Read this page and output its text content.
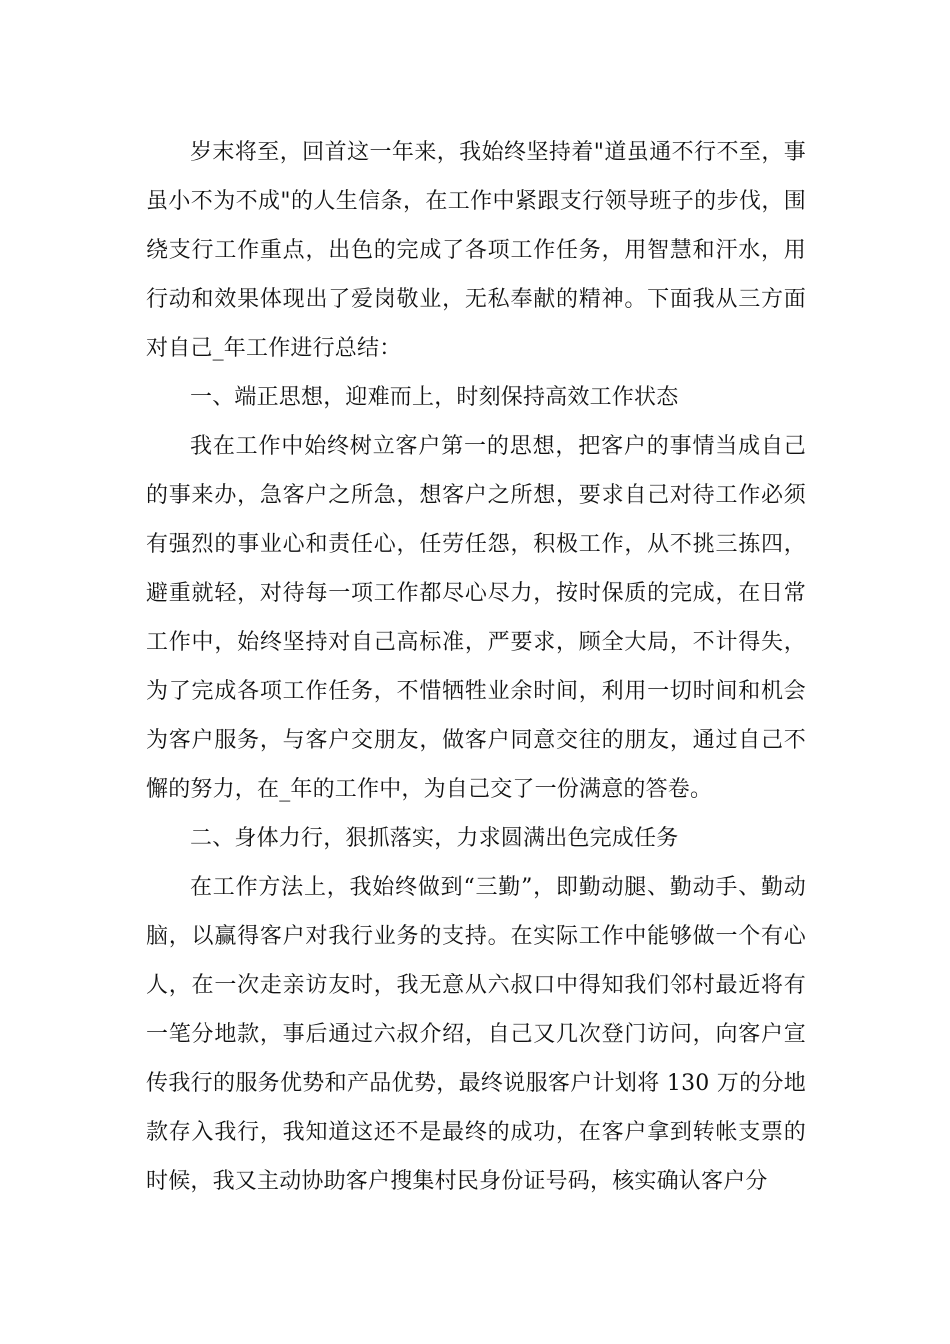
岁末将至，回首这一年来，我始终坚持着"道虽通不行不至，事虽小不为不成"的人生信条，在工作中紧跟支行领导班子的步伐，围绕支行工作重点，出色的完成了各项工作任务，用智慧和汗水，用行动和效果体现出了爱岗敬业，无私奉献的精神。下面我从三方面对自己_年工作进行总结：

一、端正思想，迎难而上，时刻保持高效工作状态

我在工作中始终树立客户第一的思想，把客户的事情当成自己的事来办，急客户之所急，想客户之所想，要求自己对待工作必须有强烈的事业心和责任心，任劳任怨，积极工作，从不挑三拣四，避重就轻，对待每一项工作都尽心尽力，按时保质的完成，在日常工作中，始终坚持对自己高标准，严要求，顾全大局，不计得失，为了完成各项工作任务，不惜牺牲业余时间，利用一切时间和机会为客户服务，与客户交朋友，做客户同意交往的朋友，通过自己不懈的努力，在_年的工作中，为自己交了一份满意的答卷。

二、身体力行，狠抓落实，力求圆满出色完成任务

在工作方法上，我始终做到“三勤”，即勤动腿、勤动手、勤动脑，以赢得客户对我行业务的支持。在实际工作中能够做一个有心人，在一次走亲访友时，我无意从六叔口中得知我们邻村最近将有一笔分地款，事后通过六叔介绍，自己又几次登门访问，向客户宣传我行的服务优势和产品优势，最终说服客户计划将 130 万的分地款存入我行，我知道这还不是最终的成功，在客户拿到转帐支票的时候，我又主动协助客户搜集村民身份证号码，核实确认客户分
